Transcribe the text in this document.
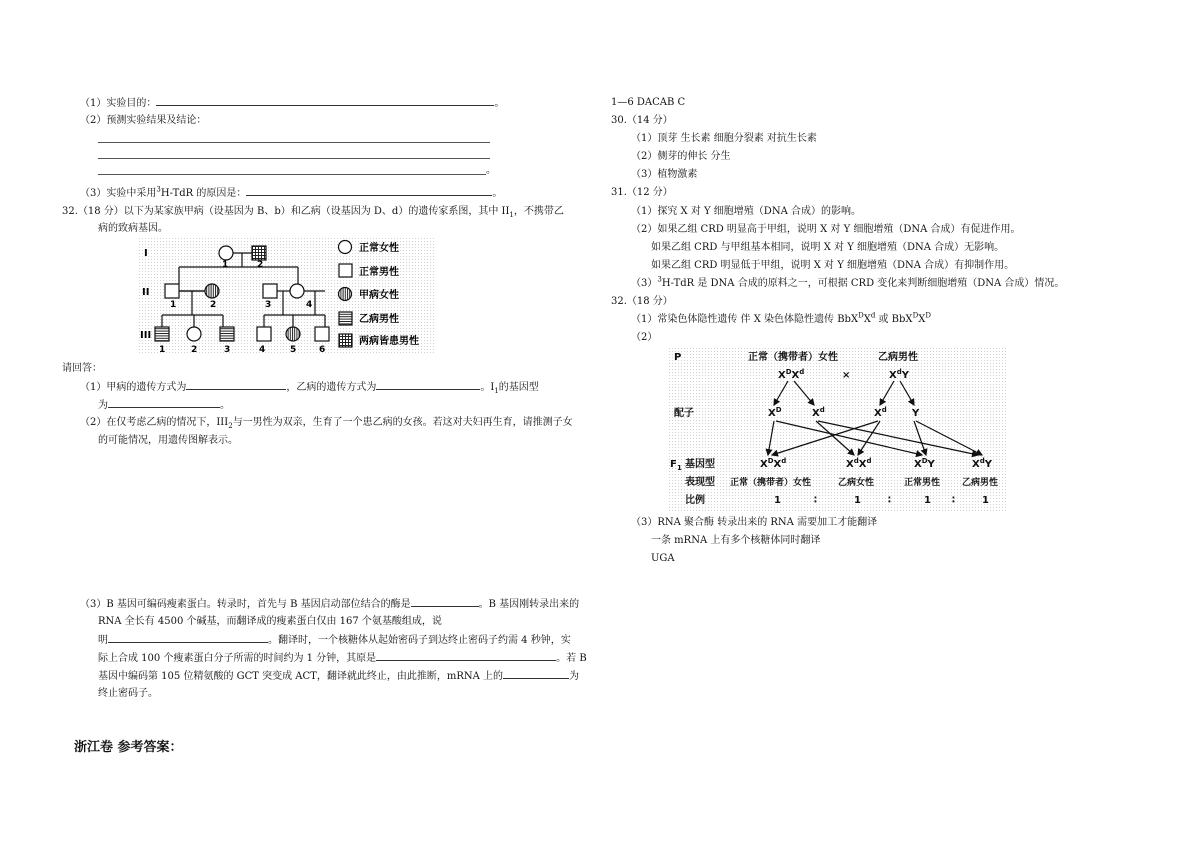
（1）实验目的：	。
（2）预测实验结果及结论：
。
（3）实验中采用$^3$H-TdR 的原因是：	。
32.（18 分）以下为某家族甲病（设基因为 B、b）和乙病（设基因为 D、d）的遗传家系图，其中 $II_1$，不携带乙
病的致病基因。
I
II
III
1	2
1	2	3	4
1	2	3	4	5	6
正常女性
正常男性
甲病女性
乙病男性
两病皆患男性
请回答：
（1）甲病的遗传方式为	，乙病的遗传方式为	。$I_1$的基因型
为	。
（2）在仅考虑乙病的情况下，$III_2$与一男性为双亲，生育了一个患乙病的女孩。若这对夫妇再生育，请推测子女
的可能情况，用遗传图解表示。
（3）B 基因可编码瘦素蛋白。转录时，首先与 B 基因启动部位结合的酶是	。B 基因刚转录出来的
RNA 全长有 4500 个碱基，而翻译成的瘦素蛋白仅由 167 个氨基酸组成，说
明	。翻译时，一个核糖体从起始密码子到达终止密码子约需 4 秒钟，实
际上合成 100 个瘦素蛋白分子所需的时间约为 1 分钟，其原是	。若 B
基因中编码第 105 位精氨酸的 GCT 突变成 ACT，翻译就此终止，由此推断，mRNA 上的	为
终止密码子。
浙江卷 参考答案：
1—6 DACAB C
30.（14 分）
（1）顶芽 生长素 细胞分裂素 对抗生长素
（2）侧芽的伸长 分生
（3）植物激素
31.（12 分）
（1）探究 X 对 Y 细胞增殖（DNA 合成）的影响。
（2）如果乙组 CRD 明显高于甲组，说明 X 对 Y 细胞增殖（DNA 合成）有促进作用。
如果乙组 CRD 与甲组基本相同，说明 X 对 Y 细胞增殖（DNA 合成）无影响。
如果乙组 CRD 明显低于甲组，说明 X 对 Y 细胞增殖（DNA 合成）有抑制作用。
$(3)^3H$-TdR 是 DNA 合成的原料之一，可根据 CRD 变化来判断细胞增殖（DNA 合成）情况。
32.（18 分）
（1）常染色体隐性遗传 伴 X 染色体隐性遗传 $BbX^DX^d$ 或 $BbX^DX^D$
（2）
P	正常（携带者）女性	乙病男性
$X^DX^d$	×	$X^dY$
配子	$X^D$	$X^d$	$X^d$	Y
F 1 基因型	$X^DX^d$	$X^dX^d$	$X^DY$	$X^dY$
表现型 正常（携带者）女性	乙病女性	正常男性 乙病男性
比例	1	∶	1	∶	1 ∶	1
（3）RNA 聚合酶 转录出来的 RNA 需要加工才能翻译
一条 mRNA 上有多个核糖体同时翻译
UGA
